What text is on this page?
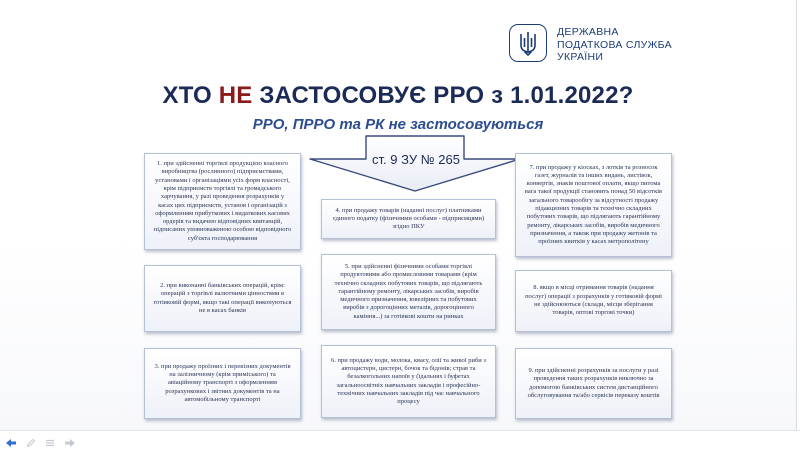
ДЕРЖАВНА
ПОДАТКОВА СЛУЖБА
УКРАЇНИ
ХТО НЕ ЗАСТОСОВУЄ РРО з 1.01.2022?
РРО, ПРРО та РК не застосовуються
ст. 9 ЗУ № 265
1. при здійсненні торгівлі продукцією власного виробництва (рослинного) підприємствами, установами і організаціями усіх форм власності, крім підприємств торгівлі та громадського харчування, у разі проведення розрахунків у касах цих підприємств, установ і організацій з оформленням прибуткових і видаткових касових ордерів та видачею відповідних квитанцій, підписаних уповноваженою особою відповідного суб'єкта господарювання
2. при виконанні банківських операцій, крім: операцій з торгівлі валютними цінностями в готівковій формі, якщо такі операції виконуються не в касах банків
3. при продажу проїзних і перевізних документів на залізничному (крім приміського) та авіаційному транспорті з оформленням розрахункових і звітних документів та на автомобільному транспорті
4. при продажу товарів (наданні послуг) платниками єдиного податку (фізичними особами - підприємцями) згідно ПКУ
5. при здійсненні фізичними особами торгівлі продуктовими або промисловими товарами (крім технічно складних побутових товарів, що підлягають гарантійному ремонту, лікарських засобів, виробів медичного призначення, ювелірних та побутових виробів з дорогоцінних металів, дорогоцінного каміння...) за готівкові кошти на ринках
6. при продажу води, молока, квасу, олії та живої риби з автоцистерн, цистерн, бочок та бідонів; страв та безалкогольних напоїв у (їдальнях і буфетах загальноосвітніх навчальних закладів і професійно- технічних навчальних закладів під час навчального процесу
7. при продажу у кіосках, з лотків та розносок газет, журналів та інших видань, листівок, конвертів, знаків поштової оплати, якщо питома вага такої продукції становить понад 50 відсотків загального товарообігу за відсутності продажу підакцизних товарів та технічно складних побутових товарів, що підлягають гарантійному ремонту, лікарських засобів, виробів медичного призначення, а також при продажу жетонів та проїзних квитків у касах метрополітену
8. якщо в місці отримання товарів (надання послуг) операції з розрахунків у готівковій формі не здійснюються (склади, місця зберігання товарів, оптові торгові точки)
9. при здійсненні розрахунків за послуги у разі проведення таких розрахунків виключно за допомогою банківських систем дистанційного обслуговування та/або сервісів переказу коштів
